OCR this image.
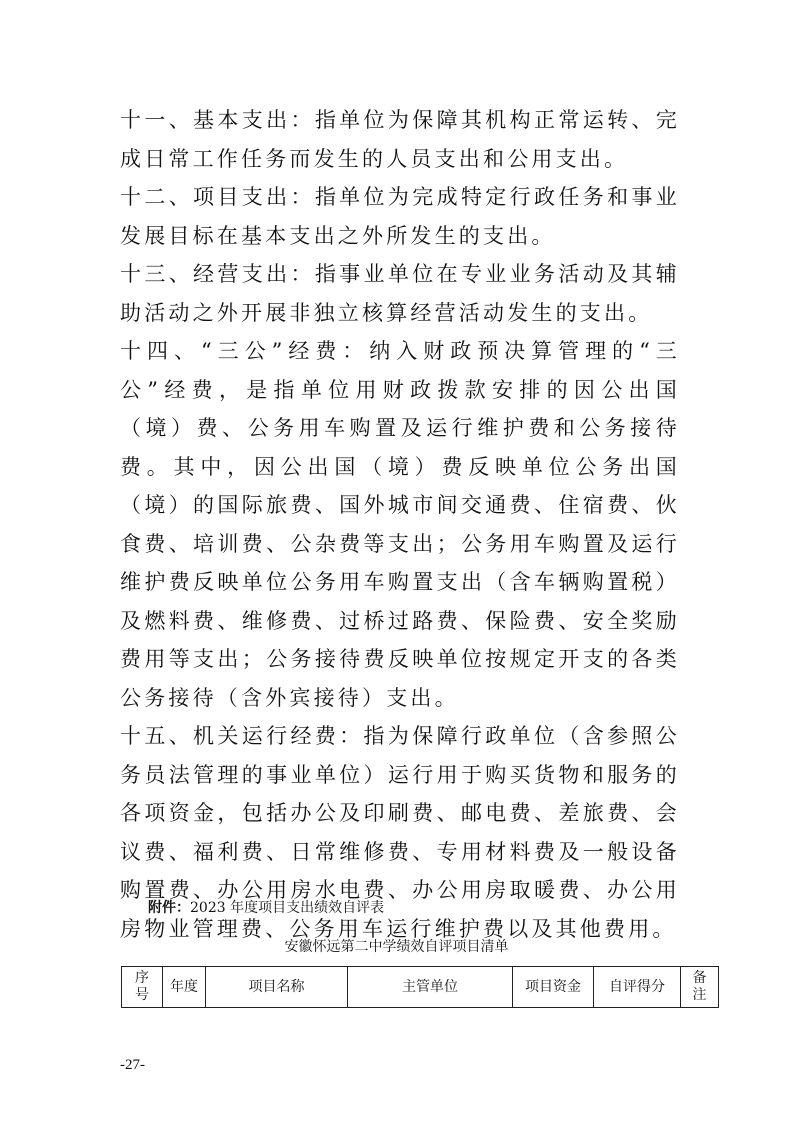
十一、基本支出：指单位为保障其机构正常运转、完成日常工作任务而发生的人员支出和公用支出。

十二、项目支出：指单位为完成特定行政任务和事业发展目标在基本支出之外所发生的支出。

十三、经营支出：指事业单位在专业业务活动及其辅助活动之外开展非独立核算经营活动发生的支出。

十四、“三公”经费：纳入财政预决算管理的“三公”经费，是指单位用财政拨款安排的因公出国（境）费、公务用车购置及运行维护费和公务接待费。其中，因公出国（境）费反映单位公务出国（境）的国际旅费、国外城市间交通费、住宿费、伙食费、培训费、公杂费等支出；公务用车购置及运行维护费反映单位公务用车购置支出（含车辆购置税）及燃料费、维修费、过桥过路费、保险费、安全奖励费用等支出；公务接待费反映单位按规定开支的各类公务接待（含外宾接待）支出。

十五、机关运行经费：指为保障行政单位（含参照公务员法管理的事业单位）运行用于购买货物和服务的各项资金，包括办公及印刷费、邮电费、差旅费、会议费、福利费、日常维修费、专用材料费及一般设备购置费、办公用房水电费、办公用房取暖费、办公用房物业管理费、公务用车运行维护费以及其他费用。

附件：2023 年度项目支出绩效自评表
安徽怀远第二中学绩效自评项目清单
序号	年度	项目名称	主管单位	项目资金	自评得分	备注
-27-
